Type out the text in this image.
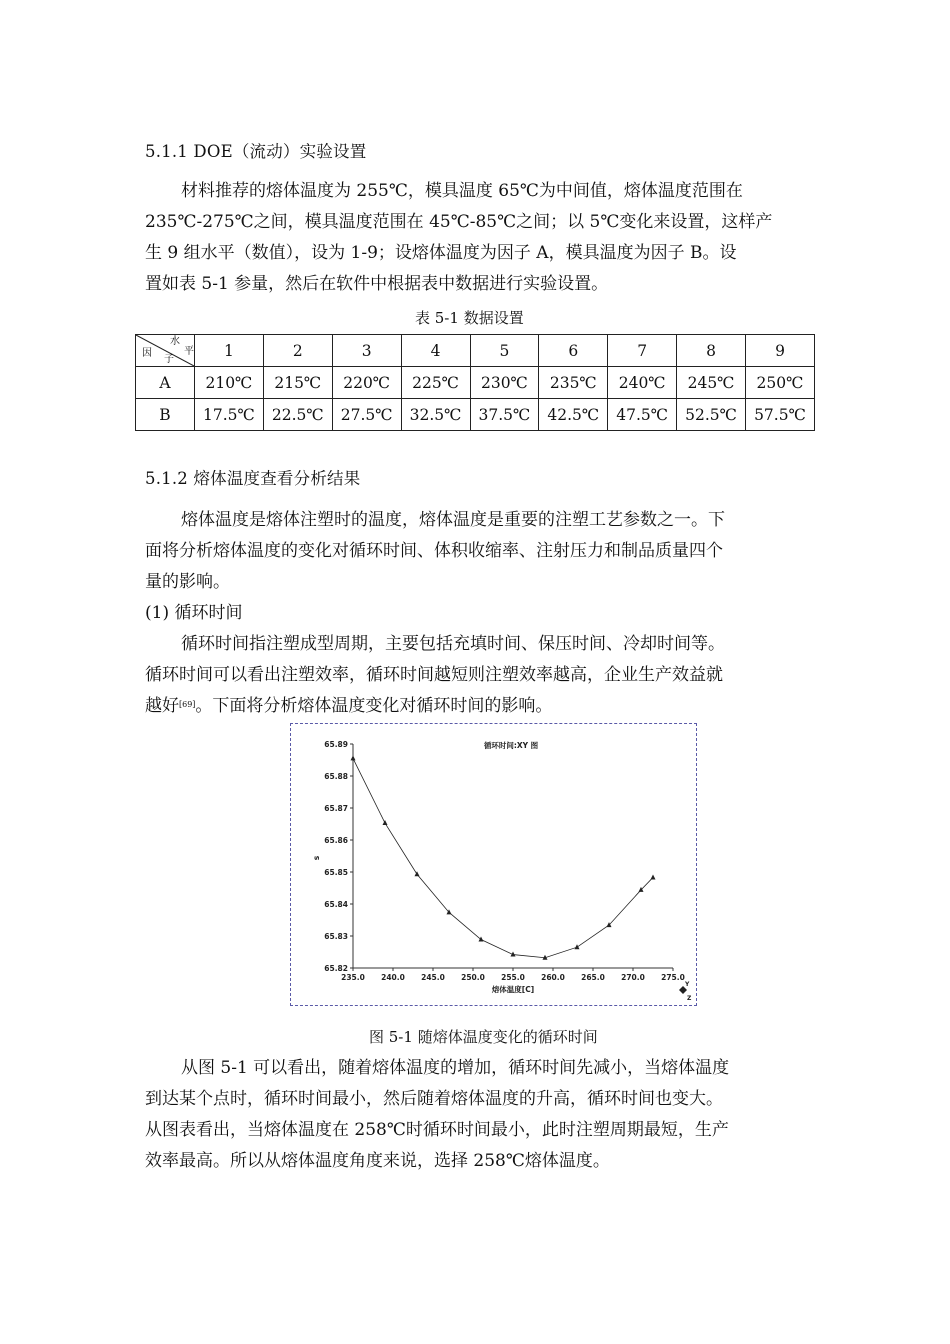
5.1.1 DOE（流动）实验设置
材料推荐的熔体温度为 255℃，模具温度 65℃为中间值，熔体温度范围在
235℃-275℃之间，模具温度范围在 45℃-85℃之间；以 5℃变化来设置，这样产
生 9 组水平（数值），设为 1-9；设熔体温度为因子 A，模具温度为因子 B。设
置如表 5-1 参量，然后在软件中根据表中数据进行实验设置。

表 5-1 数据设置

水
平
因
子	1	2	3	4	5	6	7	8	9
A	210℃	215℃	220℃	225℃	230℃	235℃	240℃	245℃	250℃
B	17.5℃	22.5℃	27.5℃	32.5℃	37.5℃	42.5℃	47.5℃	52.5℃	57.5℃
5.1.2 熔体温度查看分析结果
熔体温度是熔体注塑时的温度，熔体温度是重要的注塑工艺参数之一。下
面将分析熔体温度的变化对循环时间、体积收缩率、注射压力和制品质量四个
量的影响。
(1) 循环时间
循环时间指注塑成型周期，主要包括充填时间、保压时间、冷却时间等。
循环时间可以看出注塑效率，循环时间越短则注塑效率越高，企业生产效益就
越好[69]。下面将分析熔体温度变化对循环时间的影响。
循环时间:XY 图
s
熔体温度[C]
Y
Z
65.82
65.83
65.84
65.85
65.86
65.87
65.88
65.89
235.0 240.0 245.0 250.0 255.0 260.0 265.0 270.0 275.0

图 5-1 随熔体温度变化的循环时间

从图 5-1 可以看出，随着熔体温度的增加，循环时间先减小，当熔体温度
到达某个点时，循环时间最小，然后随着熔体温度的升高，循环时间也变大。
从图表看出，当熔体温度在 258℃时循环时间最小，此时注塑周期最短，生产
效率最高。所以从熔体温度角度来说，选择 258℃熔体温度。
